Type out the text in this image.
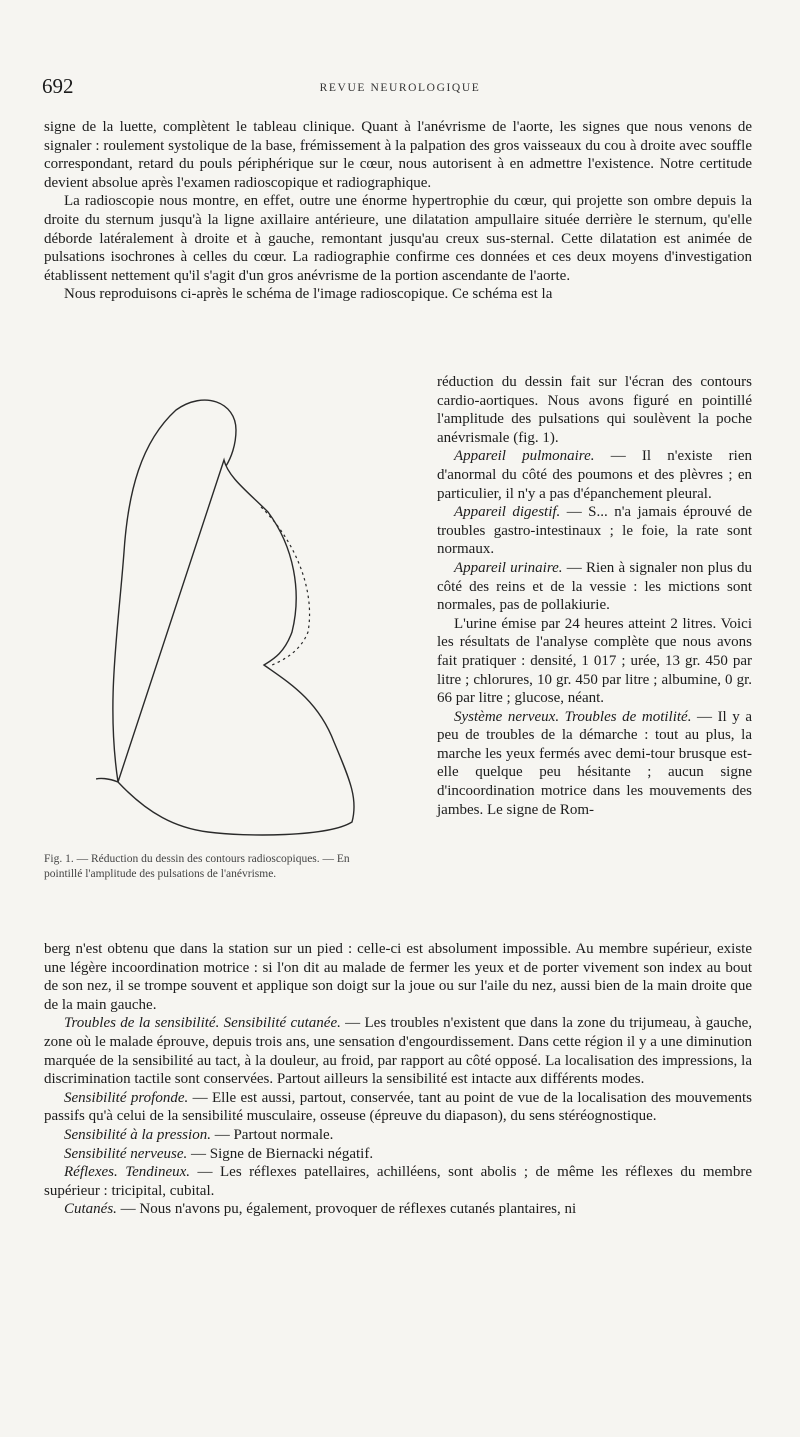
692	REVUE NEUROLOGIQUE

signe de la luette, complètent le tableau clinique. Quant à l'anévrisme de l'aorte, les signes que nous venons de signaler : roulement systolique de la base, frémissement à la palpation des gros vaisseaux du cou à droite avec souffle correspondant, retard du pouls périphérique sur le cœur, nous autorisent à en admettre l'existence. Notre certitude devient absolue après l'examen radioscopique et radiographique.

La radioscopie nous montre, en effet, outre une énorme hypertrophie du cœur, qui projette son ombre depuis la droite du sternum jusqu'à la ligne axillaire antérieure, une dilatation ampullaire située derrière le sternum, qu'elle déborde latéralement à droite et à gauche, remontant jusqu'au creux sus-sternal. Cette dilatation est animée de pulsations isochrones à celles du cœur. La radiographie confirme ces données et ces deux moyens d'investigation établissent nettement qu'il s'agit d'un gros anévrisme de la portion ascendante de l'aorte.

Nous reproduisons ci-après le schéma de l'image radioscopique. Ce schéma est la

réduction du dessin fait sur l'écran des contours cardio-aortiques. Nous avons figuré en pointillé l'amplitude des pulsations qui soulèvent la poche anévrismale (fig. 1).

Appareil pulmonaire. — Il n'existe rien d'anormal du côté des poumons et des plèvres ; en particulier, il n'y a pas d'épanchement pleural.

Appareil digestif. — S... n'a jamais éprouvé de troubles gastro-intestinaux ; le foie, la rate sont normaux.

Appareil urinaire. — Rien à signaler non plus du côté des reins et de la vessie : les mictions sont normales, pas de pollakiurie.

L'urine émise par 24 heures atteint 2 litres. Voici les résultats de l'analyse complète que nous avons fait pratiquer : densité, 1 017 ; urée, 13 gr. 450 par litre ; chlorures, 10 gr. 450 par litre ; albumine, 0 gr. 66 par litre ; glucose, néant.

Système nerveux. Troubles de motilité. — Il y a peu de troubles de la démarche : tout au plus, la marche les yeux fermés avec demi-tour brusque est-elle quelque peu hésitante ; aucun signe d'incoordination motrice dans les mouvements des jambes. Le signe de Rom-

Fig. 1. — Réduction du dessin des contours radioscopiques. — En pointillé l'amplitude des pulsations de l'anévrisme.

berg n'est obtenu que dans la station sur un pied : celle-ci est absolument impossible. Au membre supérieur, existe une légère incoordination motrice : si l'on dit au malade de fermer les yeux et de porter vivement son index au bout de son nez, il se trompe souvent et applique son doigt sur la joue ou sur l'aile du nez, aussi bien de la main droite que de la main gauche.

Troubles de la sensibilité. Sensibilité cutanée. — Les troubles n'existent que dans la zone du trijumeau, à gauche, zone où le malade éprouve, depuis trois ans, une sensation d'engourdissement. Dans cette région il y a une diminution marquée de la sensibilité au tact, à la douleur, au froid, par rapport au côté opposé. La localisation des impressions, la discrimination tactile sont conservées. Partout ailleurs la sensibilité est intacte aux différents modes.

Sensibilité profonde. — Elle est aussi, partout, conservée, tant au point de vue de la localisation des mouvements passifs qu'à celui de la sensibilité musculaire, osseuse (épreuve du diapason), du sens stéréognostique.

Sensibilité à la pression. — Partout normale.

Sensibilité nerveuse. — Signe de Biernacki négatif.

Réflexes. Tendineux. — Les réflexes patellaires, achilléens, sont abolis ; de même les réflexes du membre supérieur : tricipital, cubital.

Cutanés. — Nous n'avons pu, également, provoquer de réflexes cutanés plantaires, ni
